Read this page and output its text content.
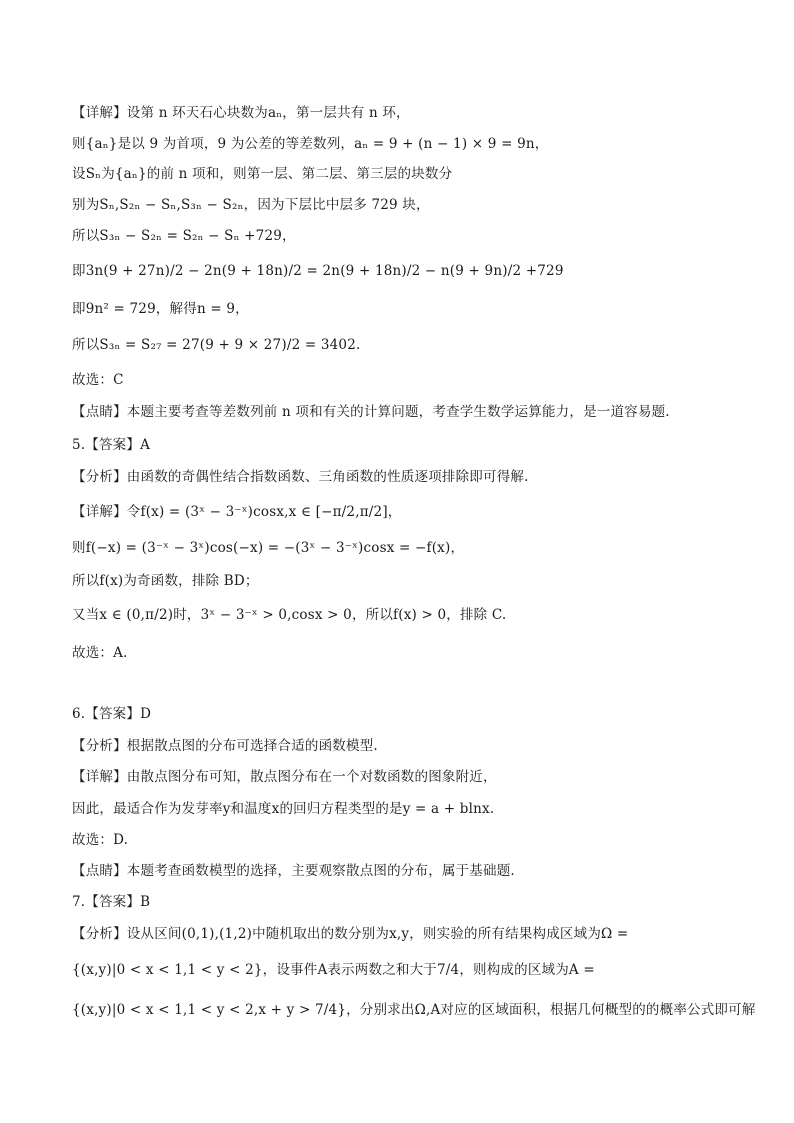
【详解】设第 n 环天石心块数为aₙ，第一层共有 n 环，
则{aₙ}是以 9 为首项，9 为公差的等差数列，aₙ = 9 + (n − 1) × 9 = 9n，
设Sₙ为{aₙ}的前 n 项和，则第一层、第二层、第三层的块数分
别为Sₙ,S₂ₙ − Sₙ,S₃ₙ − S₂ₙ，因为下层比中层多 729 块，
所以S₃ₙ − S₂ₙ = S₂ₙ − Sₙ +729，
即3n(9 + 27n)/2 − 2n(9 + 18n)/2 = 2n(9 + 18n)/2 − n(9 + 9n)/2 +729
即9n² = 729，解得n = 9，
所以S₃ₙ = S₂₇ = 27(9 + 9 × 27)/2 = 3402.
故选：C
【点睛】本题主要考查等差数列前 n 项和有关的计算问题，考查学生数学运算能力，是一道容易题.
5.【答案】A
【分析】由函数的奇偶性结合指数函数、三角函数的性质逐项排除即可得解.
【详解】令f(x) = (3ˣ − 3⁻ˣ)cosx,x ∈ [−π/2,π/2]，
则f(−x) = (3⁻ˣ − 3ˣ)cos(−x) = −(3ˣ − 3⁻ˣ)cosx = −f(x)，
所以f(x)为奇函数，排除 BD；
又当x ∈ (0,π/2)时，3ˣ − 3⁻ˣ > 0,cosx > 0，所以f(x) > 0，排除 C.
故选：A.
6.【答案】D
【分析】根据散点图的分布可选择合适的函数模型.
【详解】由散点图分布可知，散点图分布在一个对数函数的图象附近，
因此，最适合作为发芽率y和温度x的回归方程类型的是y = a + blnx.
故选：D.
【点睛】本题考查函数模型的选择，主要观察散点图的分布，属于基础题.
7.【答案】B
【分析】设从区间(0,1),(1,2)中随机取出的数分别为x,y，则实验的所有结果构成区域为Ω =
{(x,y)|0 < x < 1,1 < y < 2}，设事件A表示两数之和大于7/4，则构成的区域为A =
{(x,y)|0 < x < 1,1 < y < 2,x + y > 7/4}，分别求出Ω,A对应的区域面积，根据几何概型的的概率公式即可解
